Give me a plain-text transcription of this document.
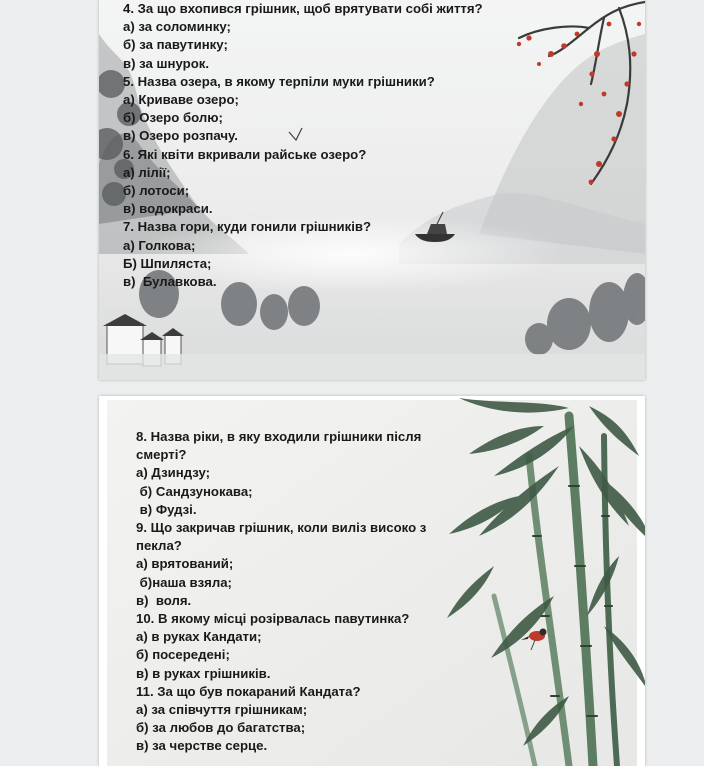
4. За що вхопився грішник, щоб врятувати собі життя?
а) за соломинку;
б) за павутинку;
в) за шнурок.
5. Назва озера, в якому терпіли муки грішники?
а) Криваве озеро;
б) Озеро болю;
в) Озеро розпачу.
6. Які квіти вкривали райське озеро?
а) лілії;
б) лотоси;
в) водокраси.
7. Назва гори, куди гонили грішників?
а) Голкова;
Б) Шпиляста;
в)  Булавкова.
8. Назва ріки, в яку входили грішники після
смерті?
а) Дзиндзу;
б) Сандзунокава;
в) Фудзі.
9. Що закричав грішник, коли виліз високо з
пекла?
а) врятований;
б)наша взяла;
в)  воля.
10. В якому місці розірвалась павутинка?
а) в руках Кандати;
б) посередені;
в) в руках грішників.
11. За що був покараний Кандата?
а) за співчуття грішникам;
б) за любов до багатства;
в) за черстве серце.
